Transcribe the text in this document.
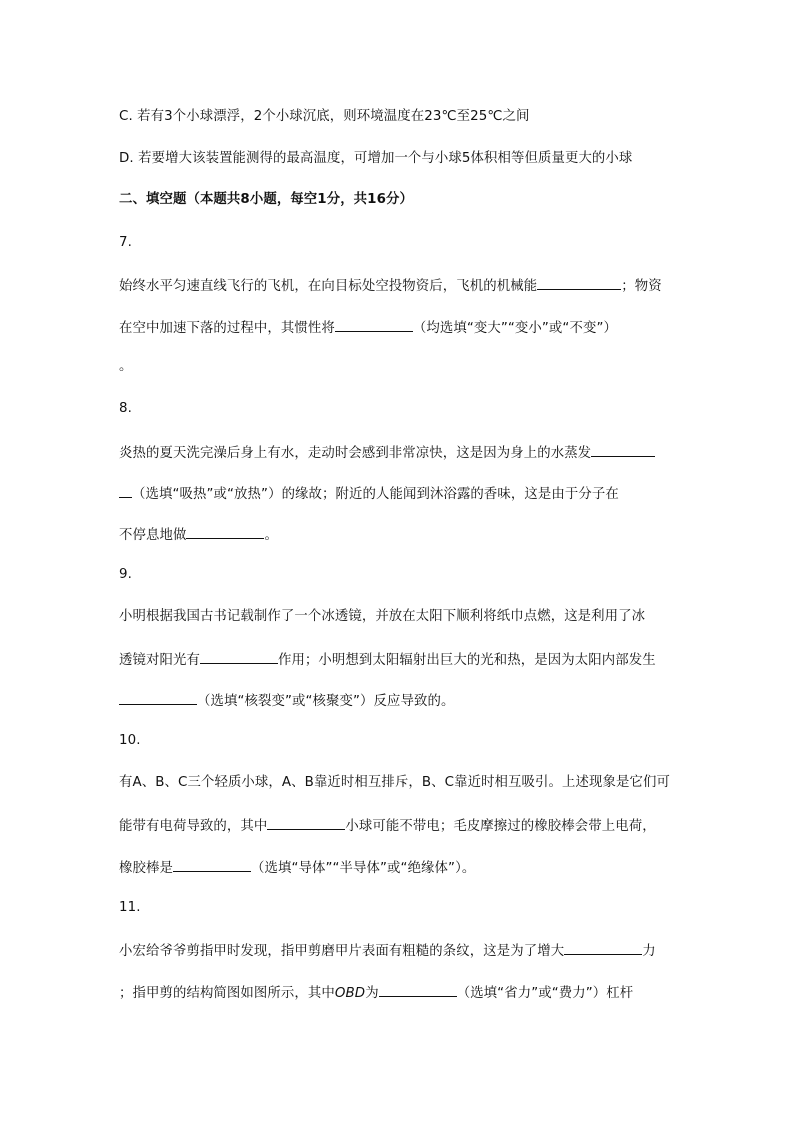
C. 若有3个小球漂浮，2个小球沉底，则环境温度在23℃至25℃之间
D. 若要增大该装置能测得的最高温度，可增加一个与小球5体积相等但质量更大的小球
二、填空题（本题共8小题，每空1分，共16分）
7.
始终水平匀速直线飞行的飞机，在向目标处空投物资后，飞机的机械能	；物资
在空中加速下落的过程中，其惯性将	（均选填“变大”“变小”或“不变”）
。
8.
炎热的夏天洗完澡后身上有水，走动时会感到非常凉快，这是因为身上的水蒸发
（选填“吸热”或“放热”）的缘故；附近的人能闻到沐浴露的香味，这是由于分子在
不停息地做	。
9.
小明根据我国古书记载制作了一个冰透镜，并放在太阳下顺利将纸巾点燃，这是利用了冰
透镜对阳光有	作用；小明想到太阳辐射出巨大的光和热，是因为太阳内部发生
（选填“核裂变”或“核聚变”）反应导致的。
10.
有A、B、C三个轻质小球，A、B靠近时相互排斥，B、C靠近时相互吸引。上述现象是它们可
能带有电荷导致的，其中	小球可能不带电；毛皮摩擦过的橡胶棒会带上电荷，
橡胶棒是	（选填“导体”“半导体”或“绝缘体”）。
11.
小宏给爷爷剪指甲时发现，指甲剪磨甲片表面有粗糙的条纹，这是为了增大	力
；指甲剪的结构简图如图所示，其中OBD为	（选填“省力”或“费力”）杠杆
